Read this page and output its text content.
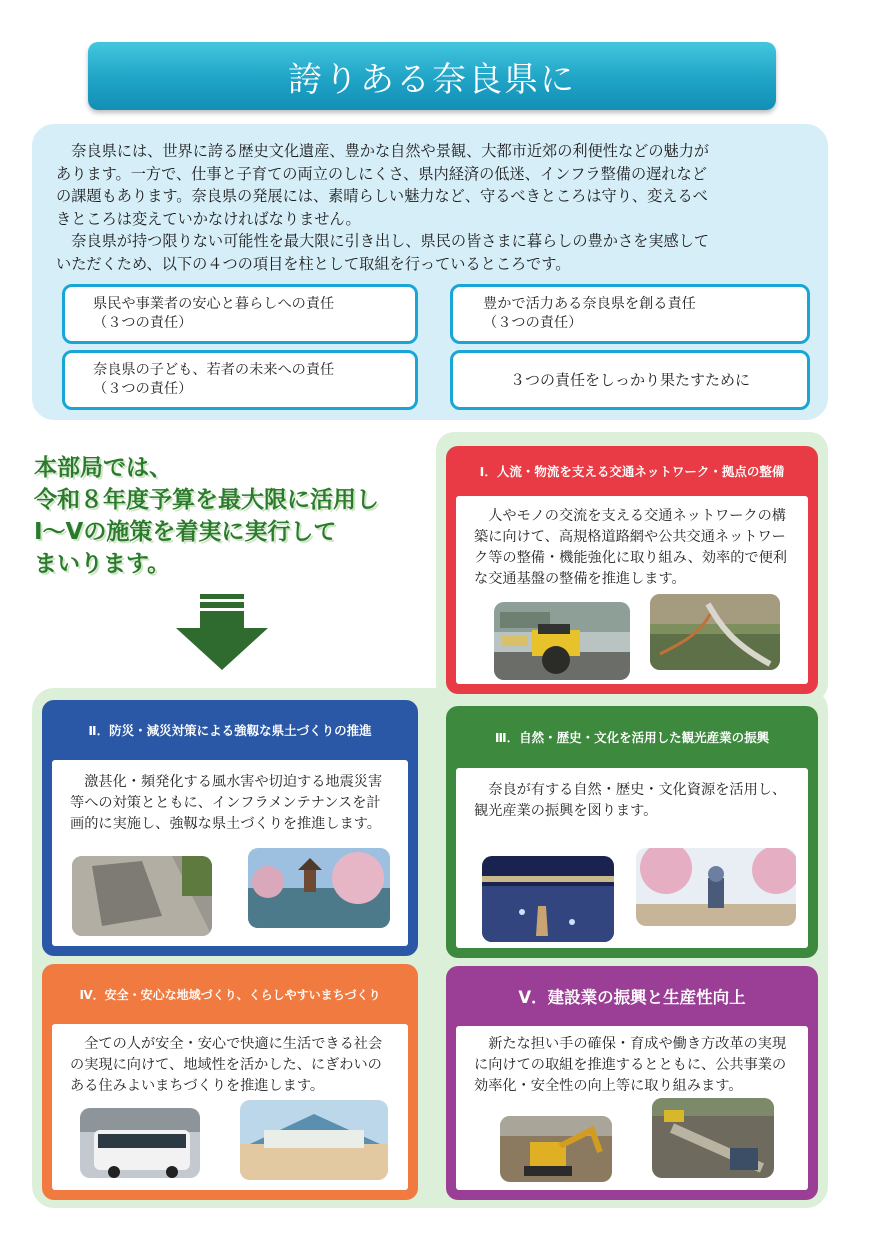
誇りある奈良県に
　奈良県には、世界に誇る歴史文化遺産、豊かな自然や景観、大都市近郊の利便性などの魅力が
あります。一方で、仕事と子育ての両立のしにくさ、県内経済の低迷、インフラ整備の遅れなど
の課題もあります。奈良県の発展には、素晴らしい魅力など、守るべきところは守り、変えるべ
きところは変えていかなければなりません。
　奈良県が持つ限りない可能性を最大限に引き出し、県民の皆さまに暮らしの豊かさを実感して
いただくため、以下の４つの項目を柱として取組を行っているところです。
県民や事業者の安心と暮らしへの責任
（３つの責任）
豊かで活力ある奈良県を創る責任
（３つの責任）
奈良県の子ども、若者の未来への責任
（３つの責任）
３つの責任をしっかり果たすために
本部局では、
令和８年度予算を最大限に活用し
Ⅰ～Ⅴの施策を着実に実行して
まいります。
Ⅰ．人流・物流を支える交通ネットワーク・拠点の整備
人やモノの交流を支える交通ネットワークの構築に向けて、高規格道路網や公共交通ネットワーク等の整備・機能強化に取り組み、効率的で便利な交通基盤の整備を推進します。
Ⅱ．防災・減災対策による強靱な県土づくりの推進
激甚化・頻発化する風水害や切迫する地震災害等への対策とともに、インフラメンテナンスを計画的に実施し、強靱な県土づくりを推進します。
Ⅲ．自然・歴史・文化を活用した観光産業の振興
奈良が有する自然・歴史・文化資源を活用し、観光産業の振興を図ります。
Ⅳ．安全・安心な地域づくり、くらしやすいまちづくり
全ての人が安全・安心で快適に生活できる社会の実現に向けて、地域性を活かした、にぎわいのある住みよいまちづくりを推進します。
Ⅴ．建設業の振興と生産性向上
新たな担い手の確保・育成や働き方改革の実現に向けての取組を推進するとともに、公共事業の効率化・安全性の向上等に取り組みます。
